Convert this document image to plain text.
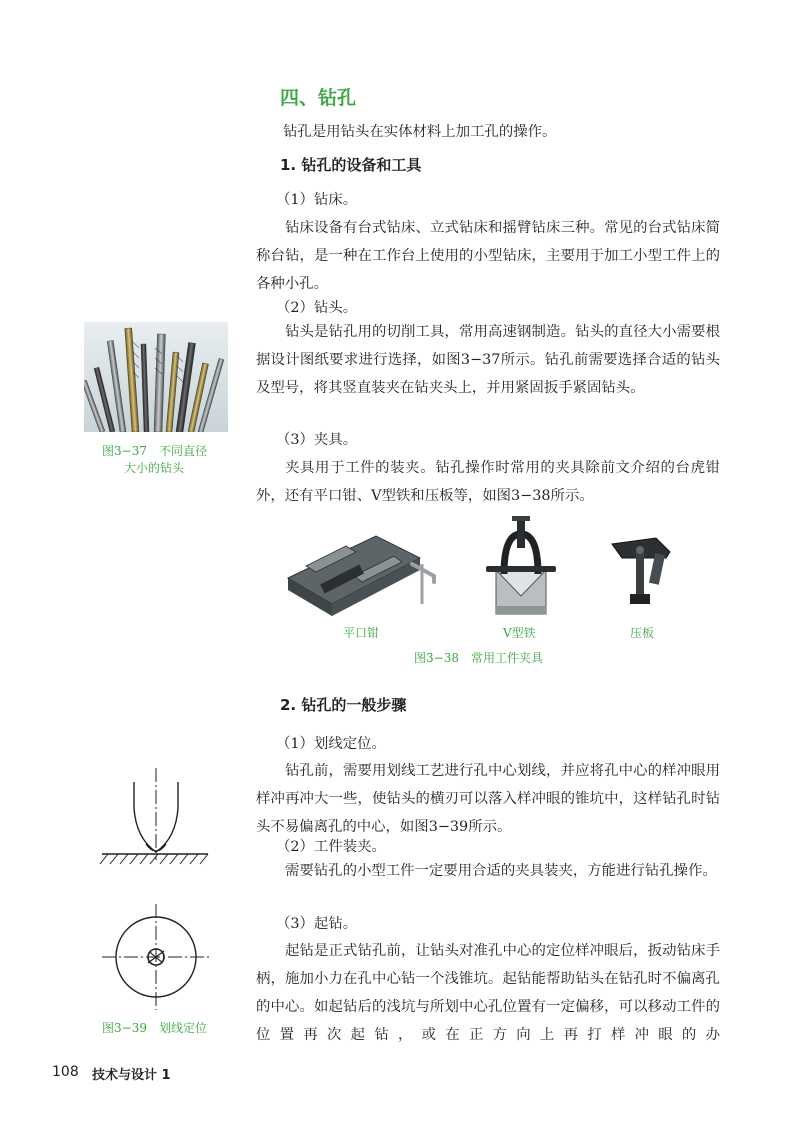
四、钻孔
钻孔是用钻头在实体材料上加工孔的操作。
1. 钻孔的设备和工具
（1）钻床。

钻床设备有台式钻床、立式钻床和摇臂钻床三种。常见的台式钻床简称台钻，是一种在工作台上使用的小型钻床，主要用于加工小型工件上的各种小孔。

（2）钻头。

钻头是钻孔用的切削工具，常用高速钢制造。钻头的直径大小需要根据设计图纸要求进行选择，如图3−37所示。钻孔前需要选择合适的钻头及型号，将其竖直装夹在钻夹头上，并用紧固扳手紧固钻头。

（3）夹具。

夹具用于工件的装夹。钻孔操作时常用的夹具除前文介绍的台虎钳外，还有平口钳、V型铁和压板等，如图3−38所示。

图3−37　不同直径
大小的钻头
平口钳	V型铁	压板
图3−38　常用工件夹具
2. 钻孔的一般步骤
（1）划线定位。

钻孔前，需要用划线工艺进行孔中心划线，并应将孔中心的样冲眼用样冲再冲大一些，使钻头的横刃可以落入样冲眼的锥坑中，这样钻孔时钻头不易偏离孔的中心，如图3−39所示。

（2）工件装夹。

需要钻孔的小型工件一定要用合适的夹具装夹，方能进行钻孔操作。

（3）起钻。

起钻是正式钻孔前，让钻头对准孔中心的定位样冲眼后，扳动钻床手柄，施加小力在孔中心钻一个浅锥坑。起钻能帮助钻头在钻孔时不偏离孔的中心。如起钻后的浅坑与所划中心孔位置有一定偏移，可以移动工件的位置再次起钻，或在正方向上再打样冲眼的办

图3−39　划线定位
108 技术与设计 1
